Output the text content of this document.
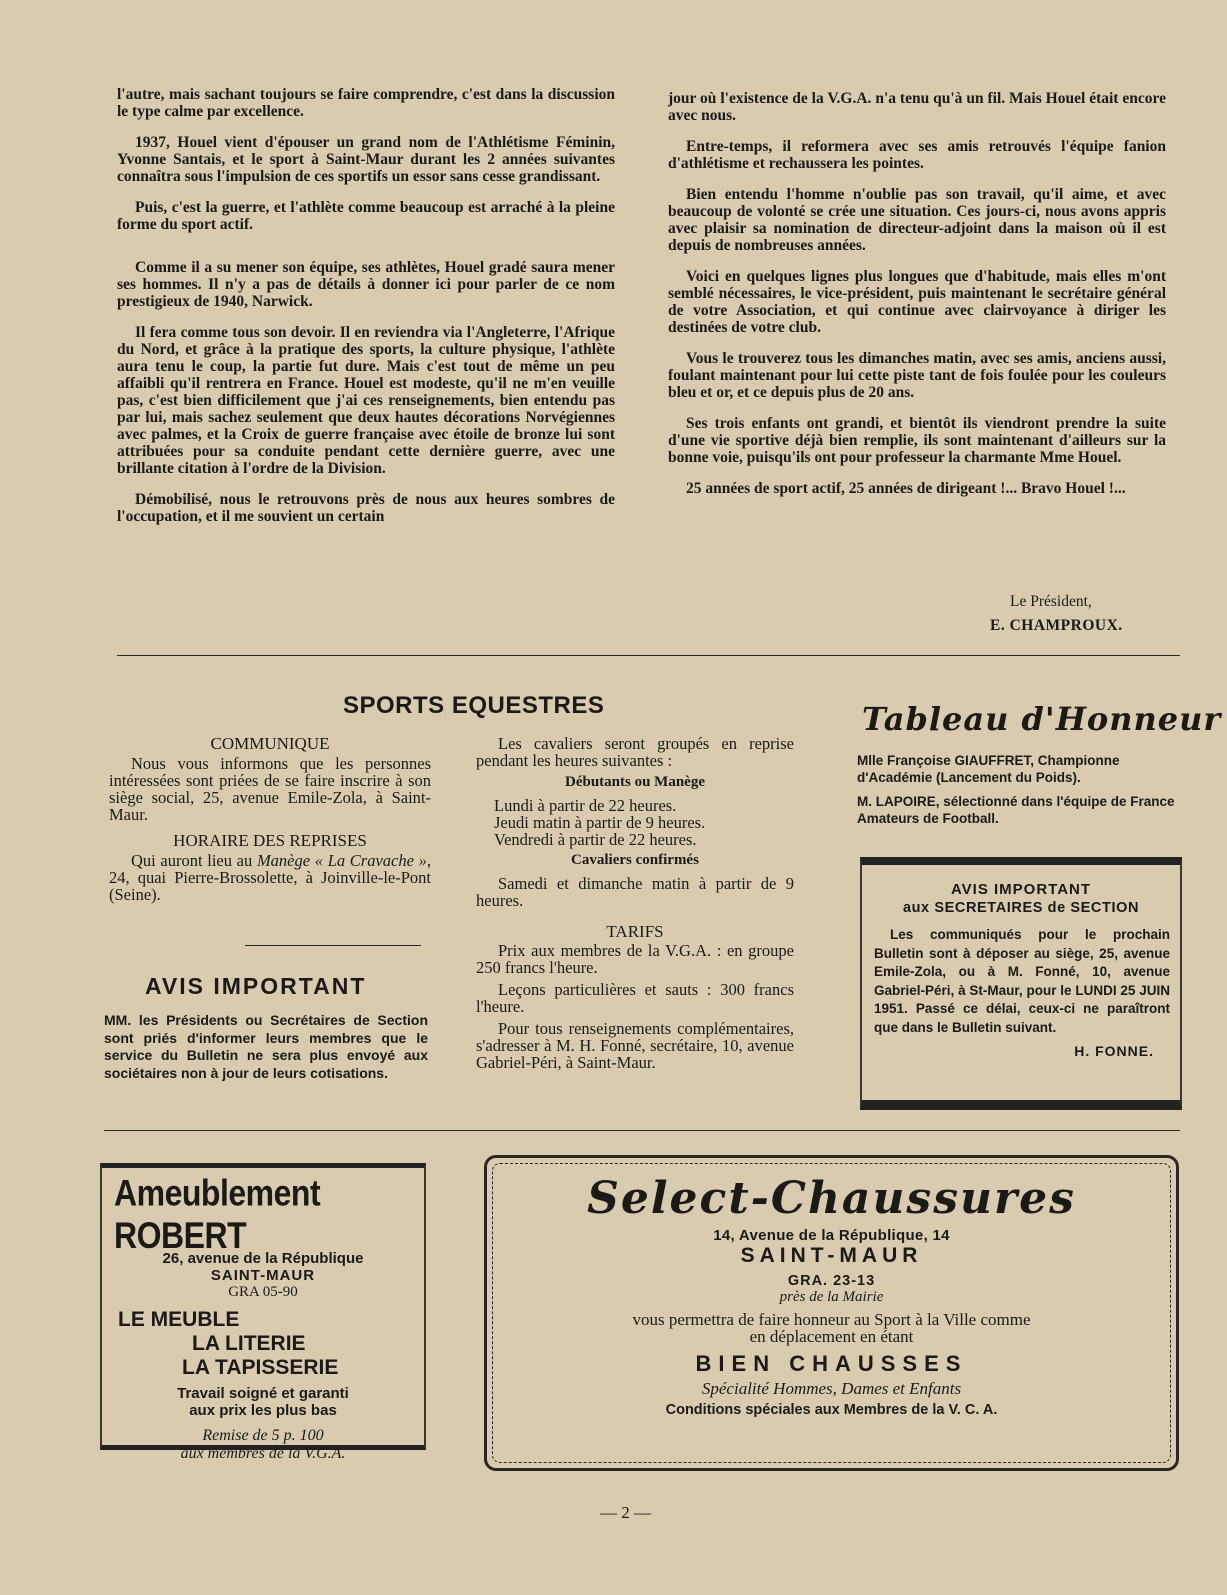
l'autre, mais sachant toujours se faire comprendre, c'est dans la discussion le type calme par excellence.

1937, Houel vient d'épouser un grand nom de l'Athlétisme Féminin, Yvonne Santais, et le sport à Saint-Maur durant les 2 années suivantes connaîtra sous l'impulsion de ces sportifs un essor sans cesse grandissant.

Puis, c'est la guerre, et l'athlète comme beaucoup est arraché à la pleine forme du sport actif.

Comme il a su mener son équipe, ses athlètes, Houel gradé saura mener ses hommes. Il n'y a pas de détails à donner ici pour parler de ce nom prestigieux de 1940, Narwick.

Il fera comme tous son devoir. Il en reviendra via l'Angleterre, l'Afrique du Nord, et grâce à la pratique des sports, la culture physique, l'athlète aura tenu le coup, la partie fut dure. Mais c'est tout de même un peu affaibli qu'il rentrera en France. Houel est modeste, qu'il ne m'en veuille pas, c'est bien difficilement que j'ai ces renseignements, bien entendu pas par lui, mais sachez seulement que deux hautes décorations Norvégiennes avec palmes, et la Croix de guerre française avec étoile de bronze lui sont attribuées pour sa conduite pendant cette dernière guerre, avec une brillante citation à l'ordre de la Division.

Démobilisé, nous le retrouvons près de nous aux heures sombres de l'occupation, et il me souvient un certain

jour où l'existence de la V.G.A. n'a tenu qu'à un fil. Mais Houel était encore avec nous.

Entre-temps, il reformera avec ses amis retrouvés l'équipe fanion d'athlétisme et rechaussera les pointes.

Bien entendu l'homme n'oublie pas son travail, qu'il aime, et avec beaucoup de volonté se crée une situation. Ces jours-ci, nous avons appris avec plaisir sa nomination de directeur-adjoint dans la maison où il est depuis de nombreuses années.

Voici en quelques lignes plus longues que d'habitude, mais elles m'ont semblé nécessaires, le vice-président, puis maintenant le secrétaire général de votre Association, et qui continue avec clairvoyance à diriger les destinées de votre club.

Vous le trouverez tous les dimanches matin, avec ses amis, anciens aussi, foulant maintenant pour lui cette piste tant de fois foulée pour les couleurs bleu et or, et ce depuis plus de 20 ans.

Ses trois enfants ont grandi, et bientôt ils viendront prendre la suite d'une vie sportive déjà bien remplie, ils sont maintenant d'ailleurs sur la bonne voie, puisqu'ils ont pour professeur la charmante Mme Houel.

25 années de sport actif, 25 années de dirigeant !... Bravo Houel !...

Le Président,
E. CHAMPROUX.
SPORTS EQUESTRES
COMMUNIQUE
Nous vous informons que les personnes intéressées sont priées de se faire inscrire à son siège social, 25, avenue Emile-Zola, à Saint-Maur.
HORAIRE DES REPRISES
Qui auront lieu au Manège « La Cravache », 24, quai Pierre-Brossolette, à Joinville-le-Pont (Seine).
AVIS IMPORTANT
MM. les Présidents ou Secrétaires de Section sont priés d'informer leurs membres que le service du Bulletin ne sera plus envoyé aux sociétaires non à jour de leurs cotisations.
Les cavaliers seront groupés en reprise pendant les heures suivantes :
Débutants ou Manège
Lundi à partir de 22 heures.
Jeudi matin à partir de 9 heures.
Vendredi à partir de 22 heures.
Cavaliers confirmés
Samedi et dimanche matin à partir de 9 heures.
TARIFS
Prix aux membres de la V.G.A. : en groupe 250 francs l'heure.
Leçons particulières et sauts : 300 francs l'heure.
Pour tous renseignements complémentaires, s'adresser à M. H. Fonné, secrétaire, 10, avenue Gabriel-Péri, à Saint-Maur.
Tableau d'Honneur
Mlle Françoise GIAUFFRET, Championne d'Académie (Lancement du Poids).
M. LAPOIRE, sélectionné dans l'équipe de France Amateurs de Football.
AVIS IMPORTANT
aux SECRETAIRES de SECTION
Les communiqués pour le prochain Bulletin sont à déposer au siège, 25, avenue Emile-Zola, ou à M. Fonné, 10, avenue Gabriel-Péri, à St-Maur, pour le LUNDI 25 JUIN 1951. Passé ce délai, ceux-ci ne paraîtront que dans le Bulletin suivant.
H. FONNE.
Ameublement ROBERT
26, avenue de la République
SAINT-MAUR
GRA 05-90
LE MEUBLE
LA LITERIE
LA TAPISSERIE
Travail soigné et garanti
aux prix les plus bas
Remise de 5 p. 100
aux membres de la V.G.A.
Select-Chaussures
14, Avenue de la République, 14
SAINT-MAUR
GRA. 23-13
près de la Mairie
vous permettra de faire honneur au Sport à la Ville comme en déplacement en étant
BIEN CHAUSSES
Spécialité Hommes, Dames et Enfants
Conditions spéciales aux Membres de la V. C. A.
— 2 —
